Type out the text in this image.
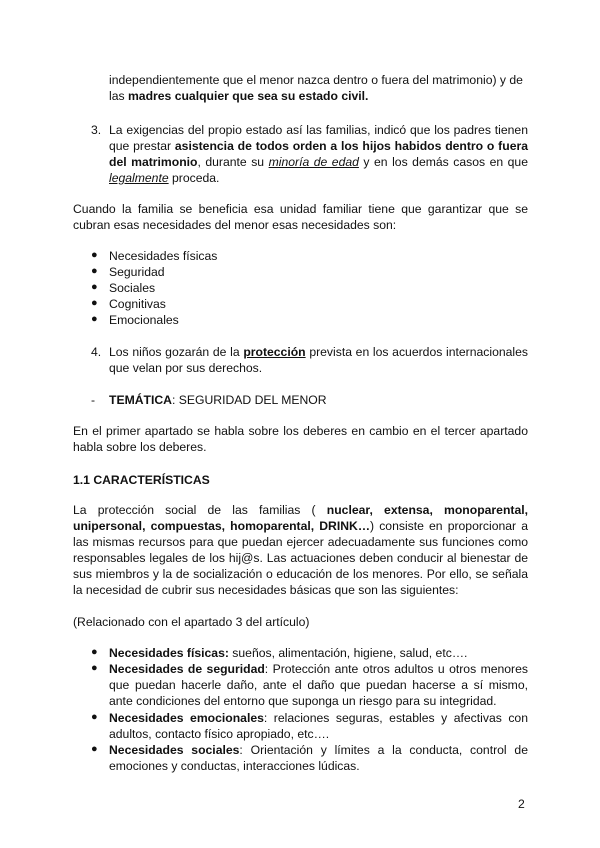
independientemente que el menor nazca dentro o fuera del matrimonio) y de
las madres cualquier que sea su estado civil.

3. La exigencias del propio estado así las familias, indicó que los padres tienen que prestar asistencia de todos orden a los hijos habidos dentro o fuera del matrimonio, durante su minoría de edad y en los demás casos en que legalmente proceda.

Cuando la familia se beneficia esa unidad familiar tiene que garantizar que se cubran esas necesidades del menor esas necesidades son:

● Necesidades físicas
● Seguridad
● Sociales
● Cognitivas
● Emocionales
4. Los niños gozarán de la protección prevista en los acuerdos internacionales que velan por sus derechos.

- TEMÁTICA: SEGURIDAD DEL MENOR

En el primer apartado se habla sobre los deberes en cambio en el tercer apartado habla sobre los deberes.

1.1 CARACTERÍSTICAS

La protección social de las familias ( nuclear, extensa, monoparental, unipersonal, compuestas, homoparental, DRINK…) consiste en proporcionar a las mismas recursos para que puedan ejercer adecuadamente sus funciones como responsables legales de los hij@s. Las actuaciones deben conducir al bienestar de sus miembros y la de socialización o educación de los menores. Por ello, se señala la necesidad de cubrir sus necesidades básicas que son las siguientes:

(Relacionado con el apartado 3 del artículo)

● Necesidades físicas: sueños, alimentación, higiene, salud, etc….

● Necesidades de seguridad: Protección ante otros adultos u otros menores que puedan hacerle daño, ante el daño que puedan hacerse a sí mismo, ante condiciones del entorno que suponga un riesgo para su integridad.

● Necesidades emocionales: relaciones seguras, estables y afectivas con adultos, contacto físico apropiado, etc….

● Necesidades sociales: Orientación y límites a la conducta, control de emociones y conductas, interacciones lúdicas.

2
